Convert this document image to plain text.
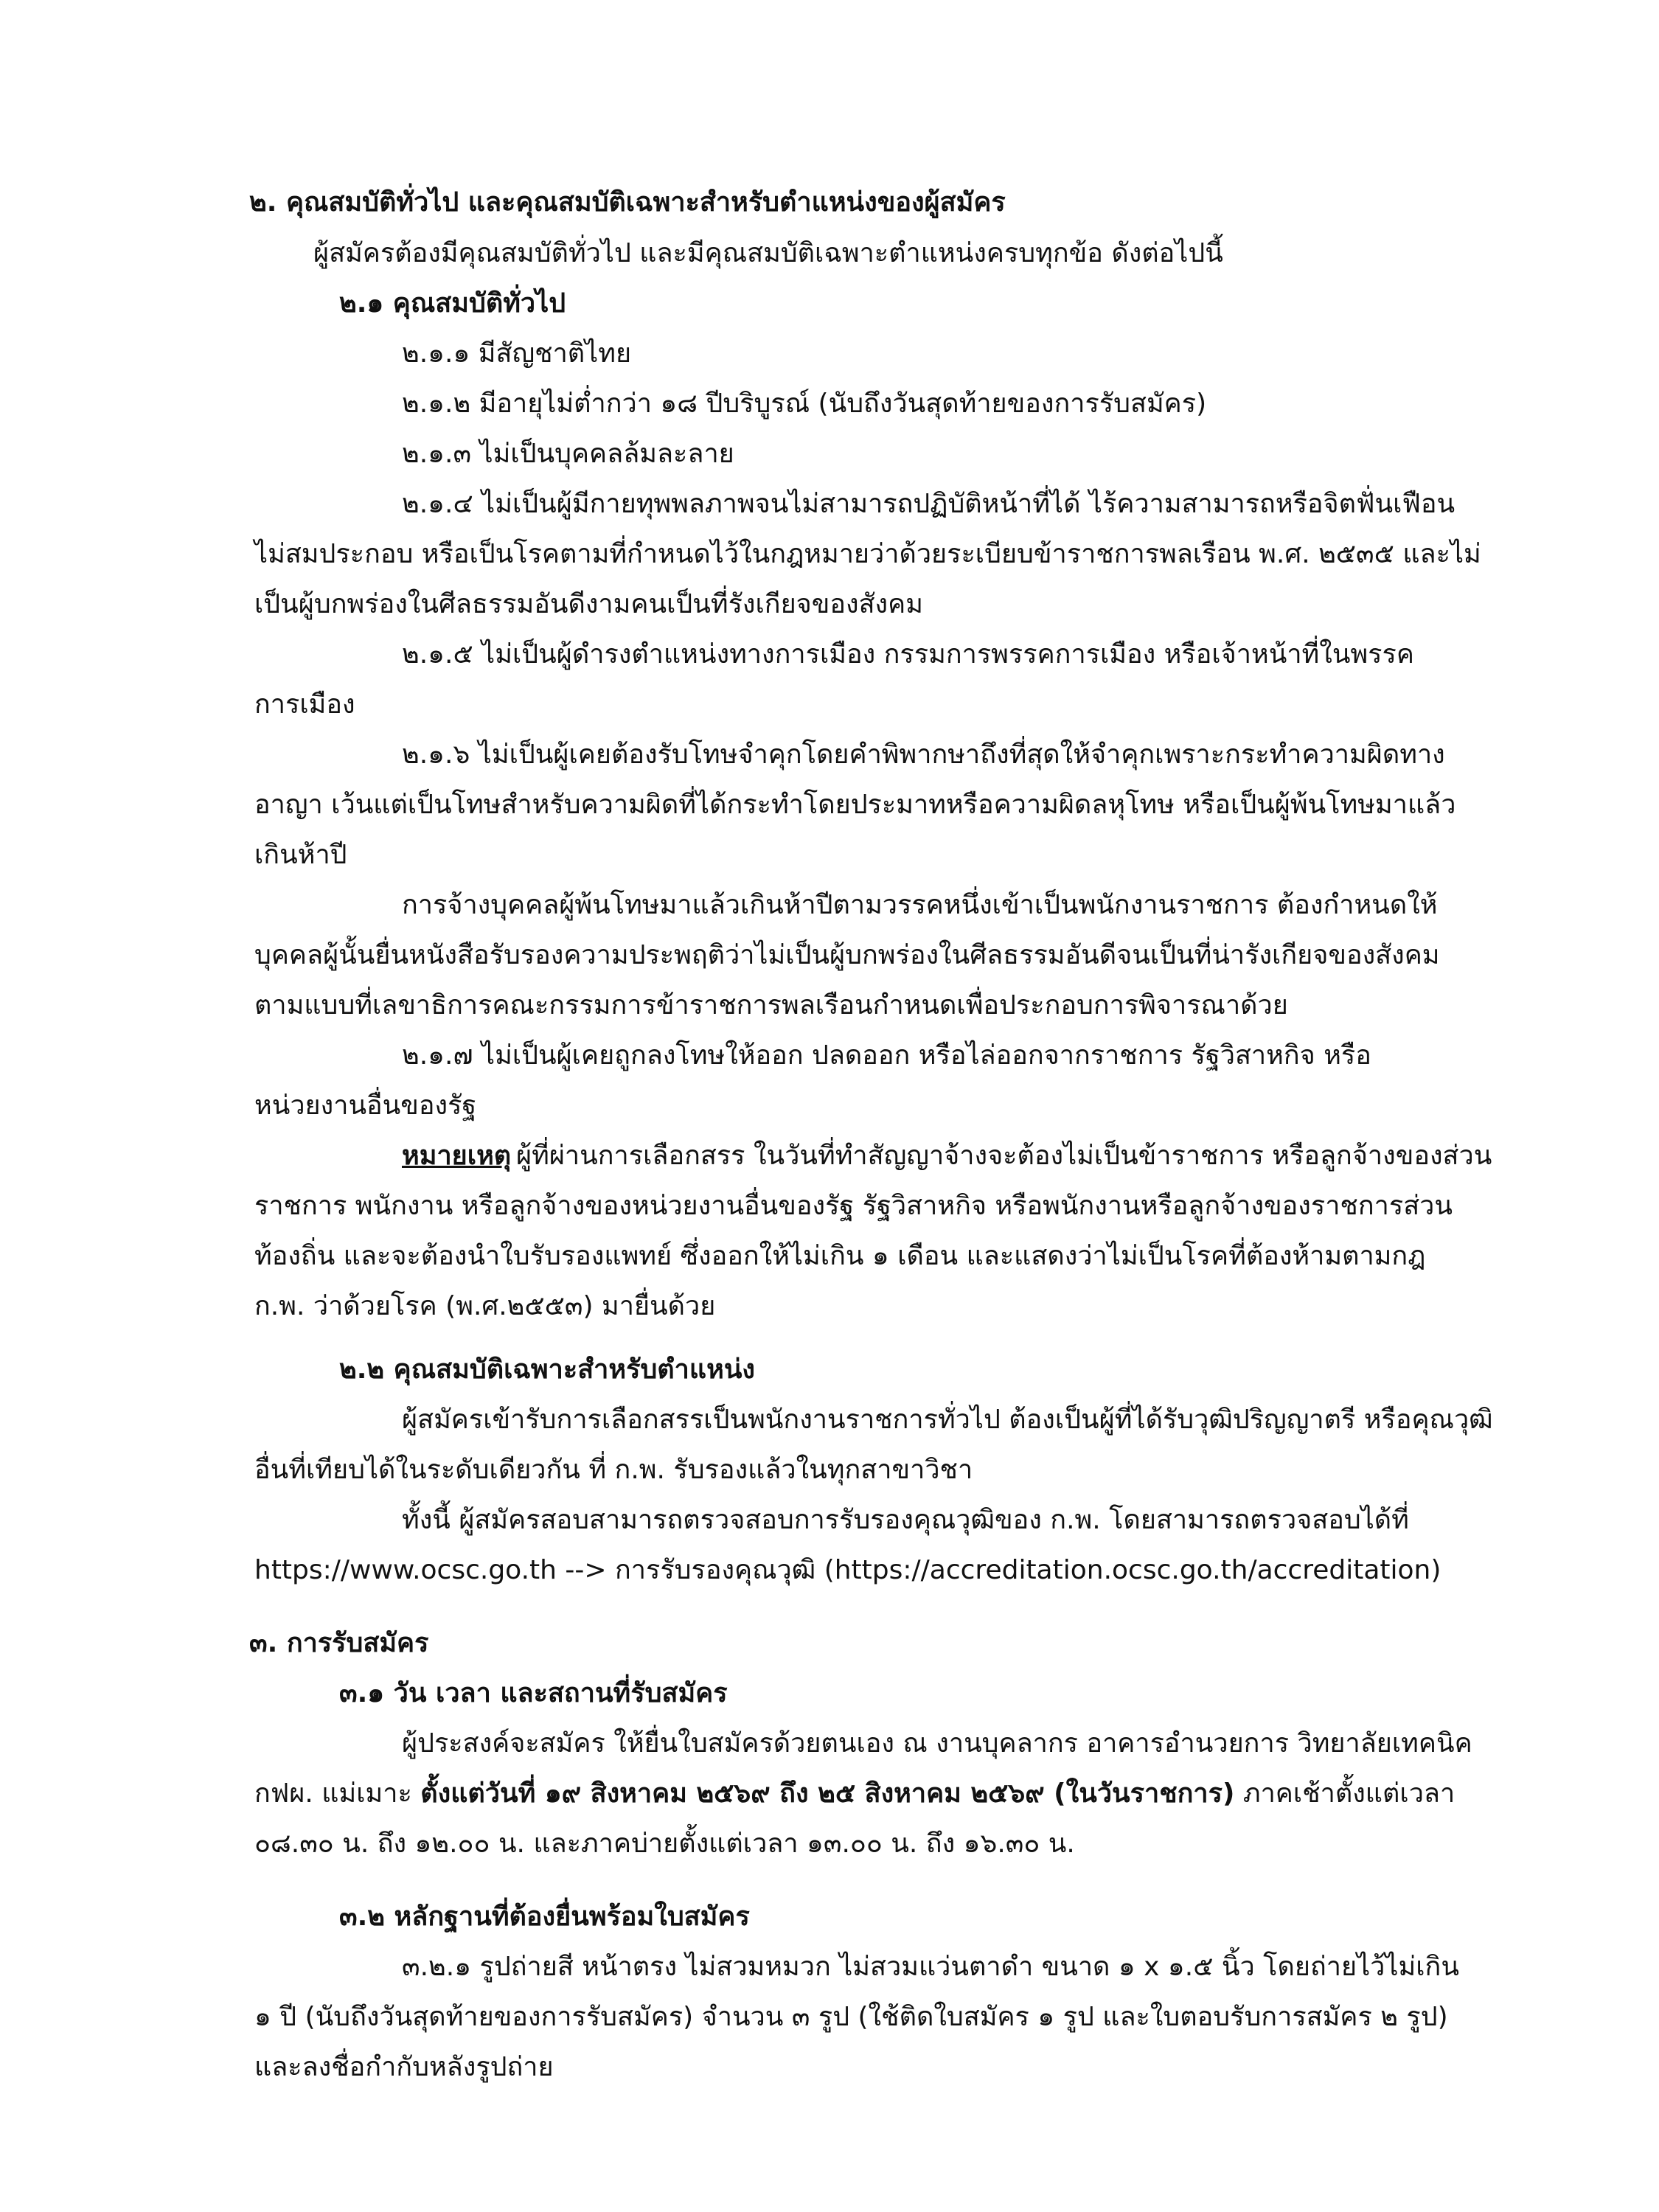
๒. คุณสมบัติทั่วไป และคุณสมบัติเฉพาะสำหรับตำแหน่งของผู้สมัคร
ผู้สมัครต้องมีคุณสมบัติทั่วไป และมีคุณสมบัติเฉพาะตำแหน่งครบทุกข้อ ดังต่อไปนี้
๒.๑ คุณสมบัติทั่วไป
๒.๑.๑ มีสัญชาติไทย
๒.๑.๒ มีอายุไม่ต่ำกว่า ๑๘ ปีบริบูรณ์ (นับถึงวันสุดท้ายของการรับสมัคร)
๒.๑.๓ ไม่เป็นบุคคลล้มละลาย
๒.๑.๔ ไม่เป็นผู้มีกายทุพพลภาพจนไม่สามารถปฏิบัติหน้าที่ได้ ไร้ความสามารถหรือจิตฟั่นเฟือน
ไม่สมประกอบ หรือเป็นโรคตามที่กำหนดไว้ในกฎหมายว่าด้วยระเบียบข้าราชการพลเรือน พ.ศ. ๒๕๓๕ และไม่
เป็นผู้บกพร่องในศีลธรรมอันดีงามคนเป็นที่รังเกียจของสังคม
๒.๑.๕ ไม่เป็นผู้ดำรงตำแหน่งทางการเมือง กรรมการพรรคการเมือง หรือเจ้าหน้าที่ในพรรค
การเมือง
๒.๑.๖ ไม่เป็นผู้เคยต้องรับโทษจำคุกโดยคำพิพากษาถึงที่สุดให้จำคุกเพราะกระทำความผิดทาง
อาญา เว้นแต่เป็นโทษสำหรับความผิดที่ได้กระทำโดยประมาทหรือความผิดลหุโทษ หรือเป็นผู้พ้นโทษมาแล้ว
เกินห้าปี
การจ้างบุคคลผู้พ้นโทษมาแล้วเกินห้าปีตามวรรคหนึ่งเข้าเป็นพนักงานราชการ ต้องกำหนดให้
บุคคลผู้นั้นยื่นหนังสือรับรองความประพฤติว่าไม่เป็นผู้บกพร่องในศีลธรรมอันดีจนเป็นที่น่ารังเกียจของสังคม
ตามแบบที่เลขาธิการคณะกรรมการข้าราชการพลเรือนกำหนดเพื่อประกอบการพิจารณาด้วย
๒.๑.๗ ไม่เป็นผู้เคยถูกลงโทษให้ออก ปลดออก หรือไล่ออกจากราชการ รัฐวิสาหกิจ หรือ
หน่วยงานอื่นของรัฐ
หมายเหตุ ผู้ที่ผ่านการเลือกสรร ในวันที่ทำสัญญาจ้างจะต้องไม่เป็นข้าราชการ หรือลูกจ้างของส่วน
ราชการ พนักงาน หรือลูกจ้างของหน่วยงานอื่นของรัฐ รัฐวิสาหกิจ หรือพนักงานหรือลูกจ้างของราชการส่วน
ท้องถิ่น และจะต้องนำใบรับรองแพทย์ ซึ่งออกให้ไม่เกิน ๑ เดือน และแสดงว่าไม่เป็นโรคที่ต้องห้ามตามกฎ
ก.พ. ว่าด้วยโรค (พ.ศ.๒๕๕๓) มายื่นด้วย
๒.๒ คุณสมบัติเฉพาะสำหรับตำแหน่ง
ผู้สมัครเข้ารับการเลือกสรรเป็นพนักงานราชการทั่วไป ต้องเป็นผู้ที่ได้รับวุฒิปริญญาตรี หรือคุณวุฒิ
อื่นที่เทียบได้ในระดับเดียวกัน ที่ ก.พ. รับรองแล้วในทุกสาขาวิชา
ทั้งนี้ ผู้สมัครสอบสามารถตรวจสอบการรับรองคุณวุฒิของ ก.พ. โดยสามารถตรวจสอบได้ที่
https://www.ocsc.go.th --> การรับรองคุณวุฒิ (https://accreditation.ocsc.go.th/accreditation)
๓. การรับสมัคร
๓.๑ วัน เวลา และสถานที่รับสมัคร
ผู้ประสงค์จะสมัคร ให้ยื่นใบสมัครด้วยตนเอง ณ งานบุคลากร อาคารอำนวยการ วิทยาลัยเทคนิค
กฟผ. แม่เมาะ ตั้งแต่วันที่ ๑๙ สิงหาคม ๒๕๖๙ ถึง ๒๕ สิงหาคม ๒๕๖๙ (ในวันราชการ) ภาคเช้าตั้งแต่เวลา
๐๘.๓๐ น. ถึง ๑๒.๐๐ น. และภาคบ่ายตั้งแต่เวลา ๑๓.๐๐ น. ถึง ๑๖.๓๐ น.
๓.๒ หลักฐานที่ต้องยื่นพร้อมใบสมัคร
๓.๒.๑ รูปถ่ายสี หน้าตรง ไม่สวมหมวก ไม่สวมแว่นตาดำ ขนาด ๑ x ๑.๕ นิ้ว โดยถ่ายไว้ไม่เกิน
๑ ปี (นับถึงวันสุดท้ายของการรับสมัคร) จำนวน ๓ รูป (ใช้ติดใบสมัคร ๑ รูป และใบตอบรับการสมัคร ๒ รูป)
และลงชื่อกำกับหลังรูปถ่าย
